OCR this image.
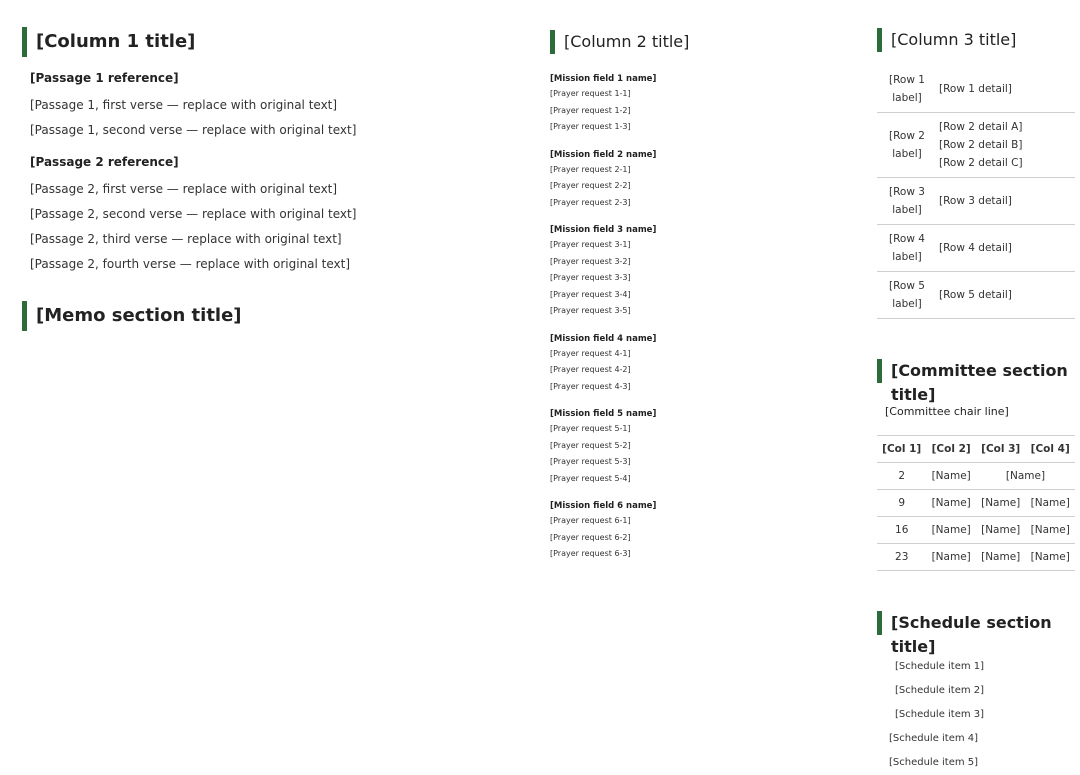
[Column 1 title]
[Passage 1 reference]
[Passage 1, first verse — replace with original text]
[Passage 1, second verse — replace with original text]
[Passage 2 reference]
[Passage 2, first verse — replace with original text]
[Passage 2, second verse — replace with original text]
[Passage 2, third verse — replace with original text]
[Passage 2, fourth verse — replace with original text]
[Memo section title]
[Column 2 title]
[Mission field 1 name]
[Prayer request 1-1]
[Prayer request 1-2]
[Prayer request 1-3]
[Mission field 2 name]
[Prayer request 2-1]
[Prayer request 2-2]
[Prayer request 2-3]
[Mission field 3 name]
[Prayer request 3-1]
[Prayer request 3-2]
[Prayer request 3-3]
[Prayer request 3-4]
[Prayer request 3-5]
[Mission field 4 name]
[Prayer request 4-1]
[Prayer request 4-2]
[Prayer request 4-3]
[Mission field 5 name]
[Prayer request 5-1]
[Prayer request 5-2]
[Prayer request 5-3]
[Prayer request 5-4]
[Mission field 6 name]
[Prayer request 6-1]
[Prayer request 6-2]
[Prayer request 6-3]
[Column 3 title]
[Row 1 label]	[Row 1 detail]

[Row 2 label]	[Row 2 detail A]
[Row 2 detail B]
[Row 2 detail C]

[Row 3 label]	[Row 3 detail]

[Row 4 label]	[Row 4 detail]

[Row 5 label]	[Row 5 detail]
[Committee section title]
[Committee chair line]
[Col 1]	[Col 2]	[Col 3]	[Col 4]
2	[Name]	[Name]	
9	[Name]	[Name]	[Name]
16	[Name]	[Name]	[Name]
23	[Name]	[Name]	[Name]
[Schedule section title]
[Schedule item 1]
[Schedule item 2]
[Schedule item 3]
[Schedule item 4]
[Schedule item 5]
